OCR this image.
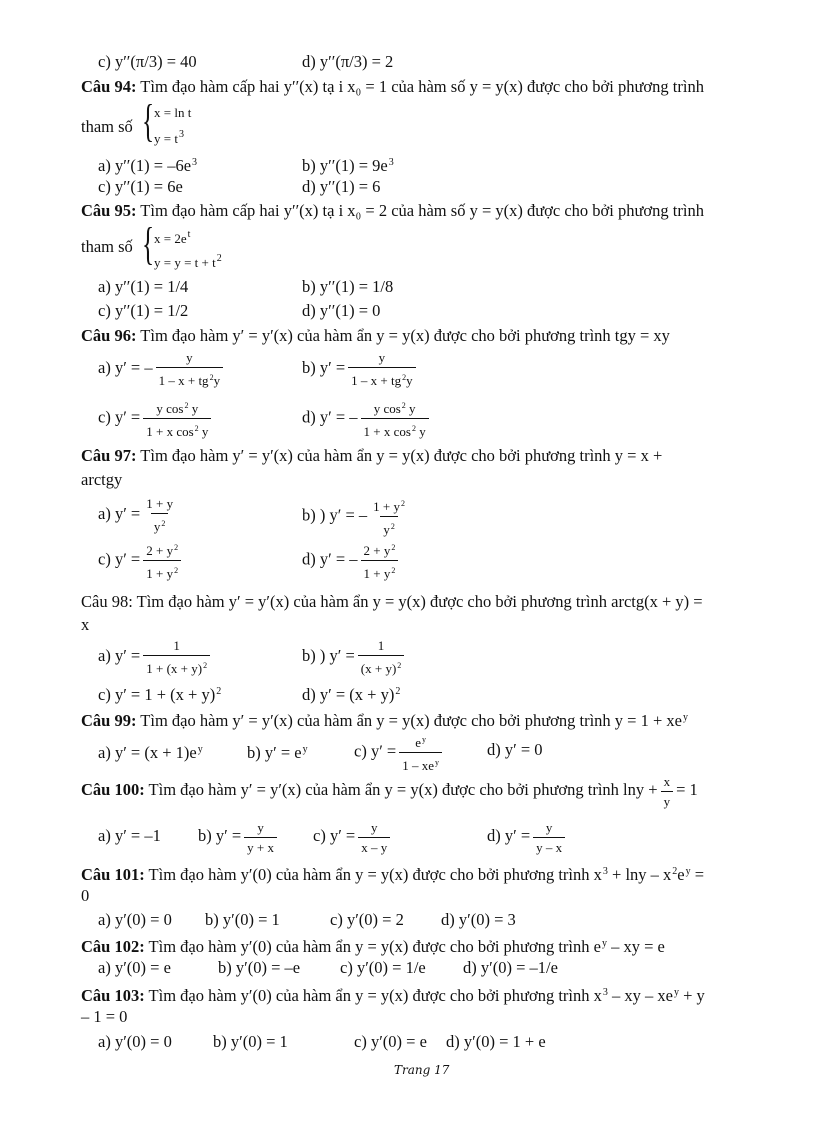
c) y′′(π/3) = 40	d) y′′(π/3) = 2
Câu 94: Tìm đạo hàm cấp hai y′′(x) tạ i x₀ = 1 của hàm số y = y(x) được cho bởi phương trình
tham số { x = ln t
$y = t^3$
a) $y''(1) = -6e^3$	b) $y''(1) = 9e^3$
c) y′′(1) = 6e	d) y′′(1) = 6
Câu 95: Tìm đạo hàm cấp hai y′′(x) tạ i x₀ = 2 của hàm số y = y(x) được cho bởi phương trình
tham số { $x = 2e^t$
$y = y = t + t^2$
a) y′′(1) = 1/4	b) y′′(1) = 1/8
c) y′′(1) = 1/2	d) y′′(1) = 0
Câu 96: Tìm đạo hàm y′ = y′(x) của hàm ẩn y = y(x) được cho bởi phương trình tgy = xy
a) y′ = – $\frac{y}{1 - x + tg^2y}$	b) $y' = \frac{y}{1 - x + tg^2y}$
c) $y' = \frac{y \cos^2 y}{1 + x \cos^2 y}$	d) y′ = – $\frac{y \cos^2 y}{1 + x \cos^2 y}$
Câu 97: Tìm đạo hàm y′ = y′(x) của hàm ẩn y = y(x) được cho bởi phương trình y = x +
arctgy
a) $y' = \frac{1 + y}{y^2}$	b) ) y′ = – $\frac{1 + y^2}{y^2}$
c) $y' = \frac{2 + y^2}{1 + y^2}$	d) y′ = – $\frac{2 + y^2}{1 + y^2}$
Câu 98: Tìm đạo hàm y′ = y′(x) của hàm ẩn y = y(x) được cho bởi phương trình arctg(x + y) =
x
a) $y' = \frac{1}{1 + (x + y)^2}$	b) ) $y' = \frac{1}{(x + y)^2}$
c) $y' = 1 + (x + y)^2$	d) $y' = (x + y)^2$
Câu 99: Tìm đạo hàm y′ = y′(x) của hàm ẩn y = y(x) được cho bởi phương trình $y = 1 + xe^y$
a) $y' = (x + 1)e^y$	b) $y' = e^y$	c) $y' = \frac{e^y}{1 - xe^y}$	d) y′ = 0
Câu 100: Tìm đạo hàm y′ = y′(x) của hàm ẩn y = y(x) được cho bởi phương trình $\ln y + \frac{x}{y} = 1$
a) y′ = –1 b) $y' = \frac{y}{y + x} c$) $y' = \frac{y}{x - y}$	d) $y' = \frac{y}{y - x}$
Câu 101: Tìm đạo hàm y′(0) của hàm ẩn y = y(x) được cho bởi phương trình $x^3 + \ln y - x^2e^y$ =
0
a) y′(0) = 0 b) y′(0) = 1	c) y′(0) = 2 d) y′(0) = 3
Câu 102: Tìm đạo hàm y′(0) của hàm ẩn y = y(x) được cho bởi phương trình $e^y$ – xy = e
a) y′(0) = e	b) y′(0) = –e c) y′(0) = 1/e d) y′(0) = –1/e
Câu 103: Tìm đạo hàm y′(0) của hàm ẩn y = y(x) được cho bởi phương trình $x^3$ – xy – $xe^y + y$
– 1 = 0
a) y′(0) = 0 b) y′(0) = 1	c) y′(0) = e d) y′(0) = 1 + e
Trang 17
